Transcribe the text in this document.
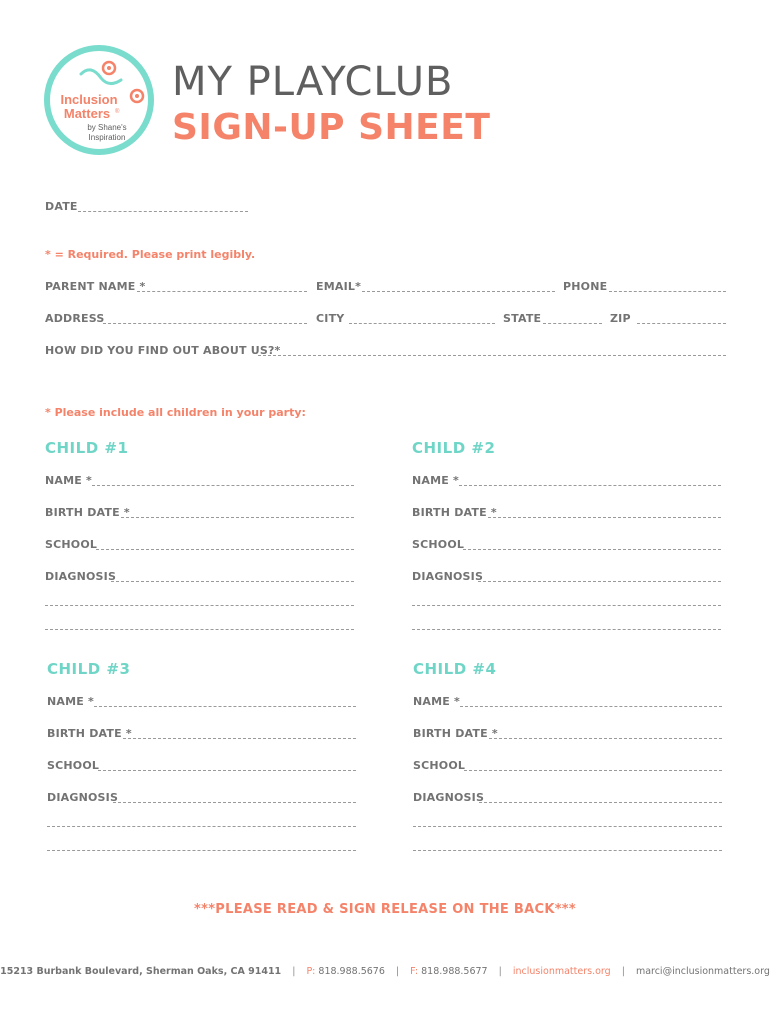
Inclusion
Matters ®
by Shane's
Inspiration
MY PLAYCLUB
SIGN-UP SHEET
DATE
* = Required. Please print legibly.
PARENT NAME *	EMAIL*	PHONE
ADDRESS	CITY	STATE	ZIP
HOW DID YOU FIND OUT ABOUT US?*
* Please include all children in your party:
CHILD #1
NAME *
BIRTH DATE *
SCHOOL
DIAGNOSIS
CHILD #2
NAME *
BIRTH DATE *
SCHOOL
DIAGNOSIS
CHILD #3
NAME *
BIRTH DATE *
SCHOOL
DIAGNOSIS
CHILD #4
NAME *
BIRTH DATE *
SCHOOL
DIAGNOSIS
***PLEASE READ & SIGN RELEASE ON THE BACK***
15213 Burbank Boulevard, Sherman Oaks, CA 91411 | P: 818.988.5676 | F: 818.988.5677 | inclusionmatters.org | marci@inclusionmatters.org
